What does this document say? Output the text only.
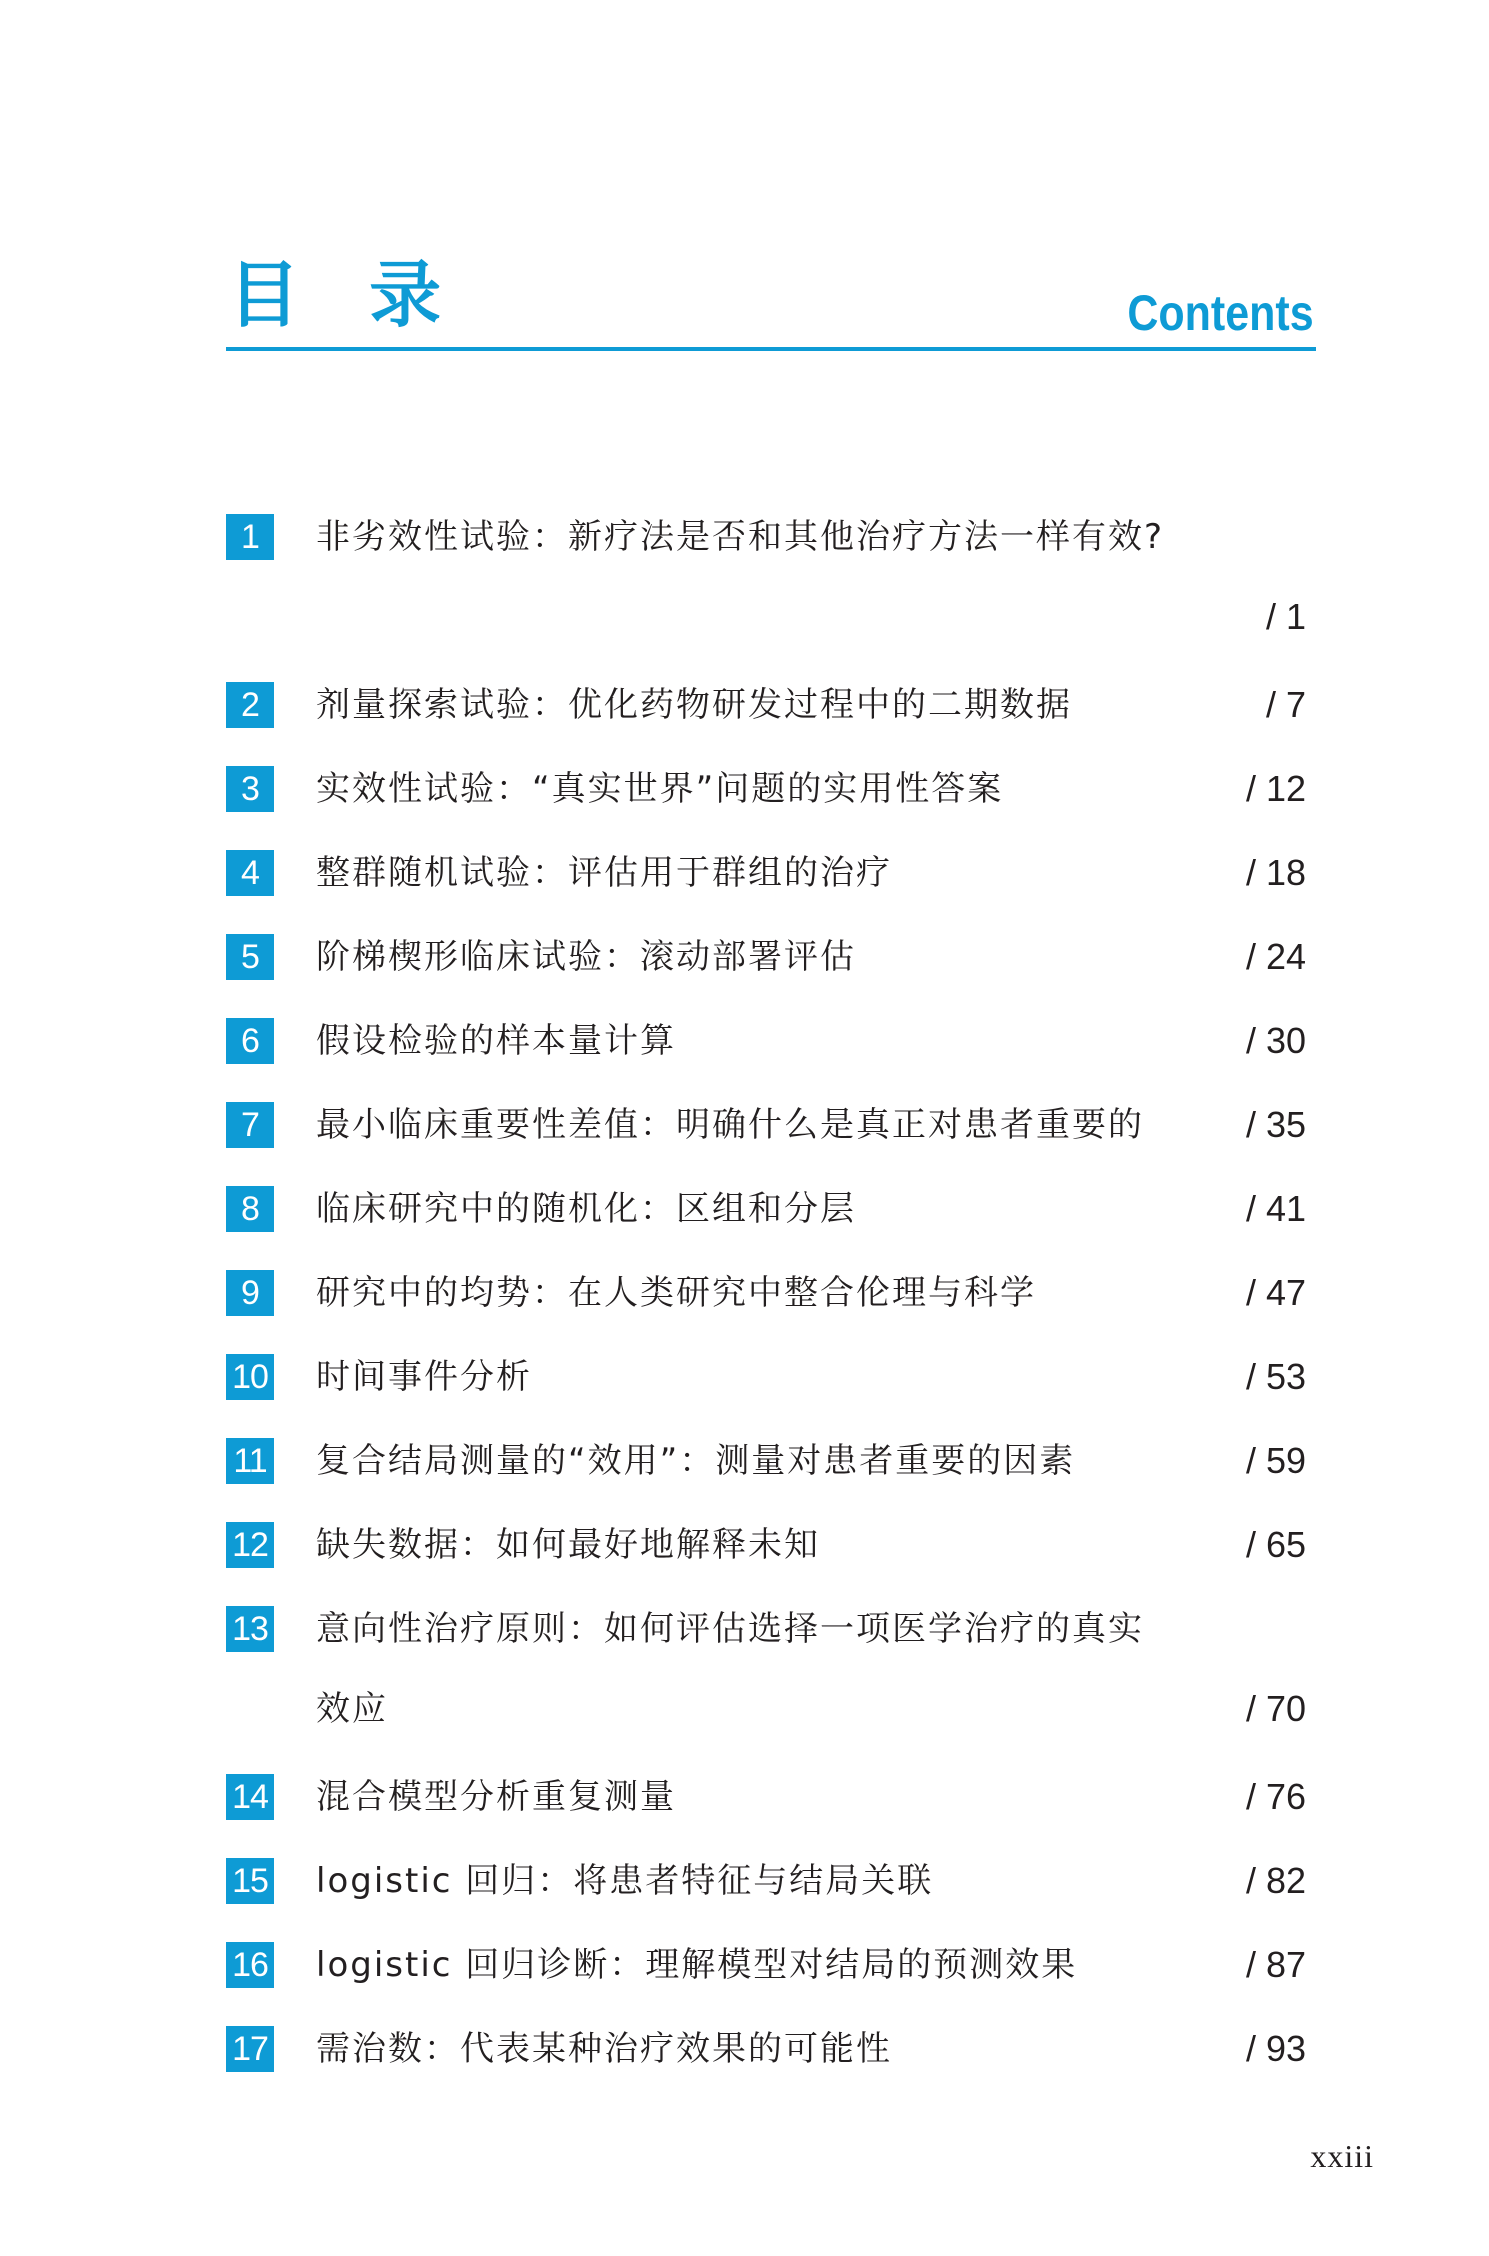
目 录	Contents
1	非劣效性试验：新疗法是否和其他治疗方法一样有效?
/ 1
2	剂量探索试验：优化药物研发过程中的二期数据	/ 7
3	实效性试验：“真实世界”问题的实用性答案	/ 12
4	整群随机试验：评估用于群组的治疗	/ 18
5	阶梯楔形临床试验：滚动部署评估	/ 24
6	假设检验的样本量计算	/ 30
7	最小临床重要性差值：明确什么是真正对患者重要的	/ 35
8	临床研究中的随机化：区组和分层	/ 41
9	研究中的均势：在人类研究中整合伦理与科学	/ 47
10 时间事件分析	/ 53
11 复合结局测量的“效用”：测量对患者重要的因素	/ 59
12 缺失数据：如何最好地解释未知	/ 65
13 意向性治疗原则：如何评估选择一项医学治疗的真实
效应	/ 70
14 混合模型分析重复测量	/ 76
15 logistic 回归：将患者特征与结局关联	/ 82
16 logistic 回归诊断：理解模型对结局的预测效果	/ 87
17 需治数：代表某种治疗效果的可能性	/ 93
xxiii
